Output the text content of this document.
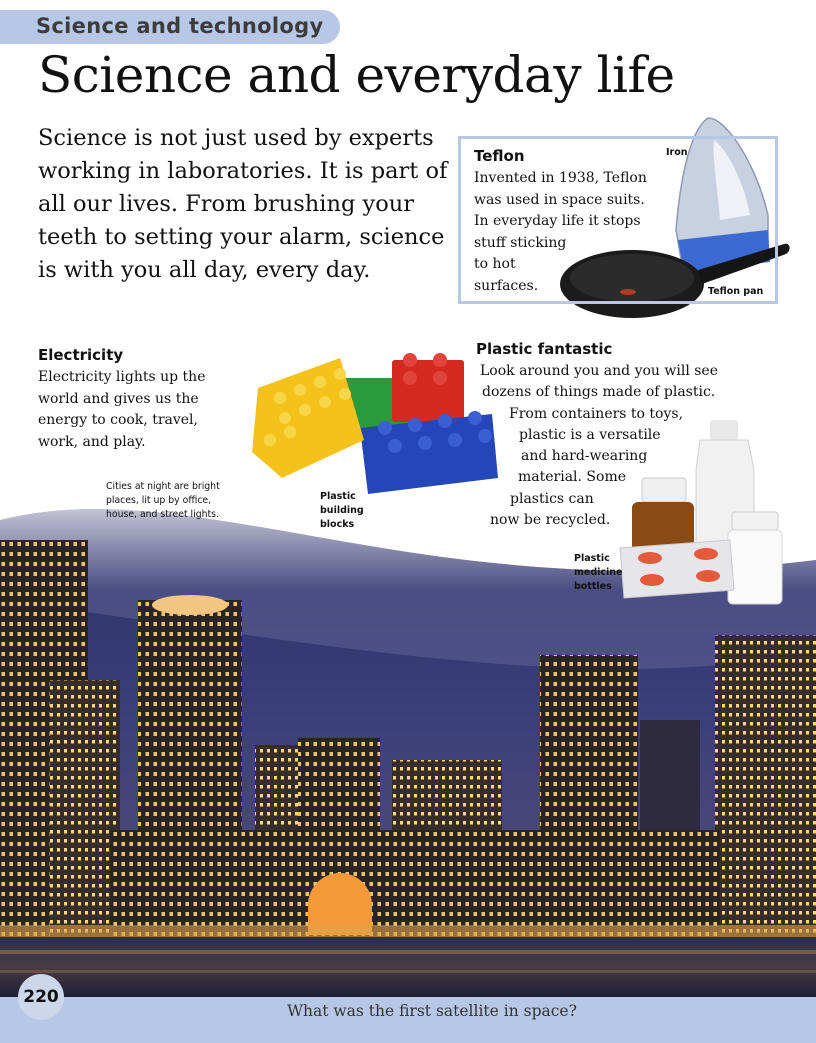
Science and technology
Science and everyday life
Science is not just used by experts working in laboratories. It is part of all our lives. From brushing your teeth to setting your alarm, science is with you all day, every day.
Teflon
Invented in 1938, Teflon
was used in space suits.
In everyday life it stops
stuff sticking
to hot
surfaces.
Iron
Teflon pan
Electricity
Electricity lights up the world and gives us the energy to cook, travel, work, and play.
Cities at night are bright places, lit up by office, house, and street lights.
Plastic fantastic
Look around you and you will see
dozens of things made of plastic.
From containers to toys,
plastic is a versatile
and hard-wearing
material. Some
plastics can
now be recycled.
Plastic building blocks
Plastic medicine bottles
What was the first satellite in space?
220
